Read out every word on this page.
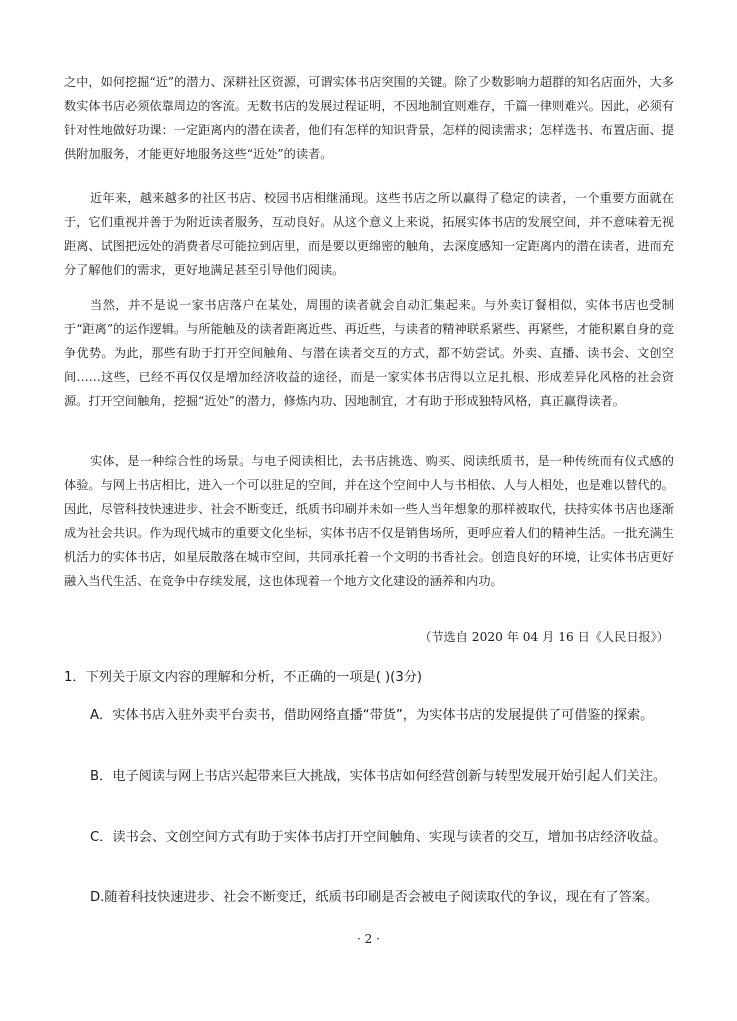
之中，如何挖掘“近”的潜力、深耕社区资源，可谓实体书店突围的关键。除了少数影响力超群的知名店面外，大多数实体书店必须依靠周边的客流。无数书店的发展过程证明，不因地制宜则难存，千篇一律则难兴。因此，必须有针对性地做好功课：一定距离内的潜在读者，他们有怎样的知识背景，怎样的阅读需求；怎样选书、布置店面、提供附加服务，才能更好地服务这些“近处”的读者。

近年来，越来越多的社区书店、校园书店相继涌现。这些书店之所以赢得了稳定的读者，一个重要方面就在于，它们重视并善于为附近读者服务，互动良好。从这个意义上来说，拓展实体书店的发展空间，并不意味着无视距离、试图把远处的消费者尽可能拉到店里，而是要以更绵密的触角，去深度感知一定距离内的潜在读者，进而充分了解他们的需求，更好地满足甚至引导他们阅读。

当然，并不是说一家书店落户在某处，周围的读者就会自动汇集起来。与外卖订餐相似，实体书店也受制于“距离”的运作逻辑。与所能触及的读者距离近些、再近些，与读者的精神联系紧些、再紧些，才能积累自身的竞争优势。为此，那些有助于打开空间触角、与潜在读者交互的方式，都不妨尝试。外卖、直播、读书会、文创空间……这些，已经不再仅仅是增加经济收益的途径，而是一家实体书店得以立足扎根、形成差异化风格的社会资源。打开空间触角，挖掘“近处”的潜力，修炼内功、因地制宜，才有助于形成独特风格，真正赢得读者。

实体，是一种综合性的场景。与电子阅读相比，去书店挑选、购买、阅读纸质书，是一种传统而有仪式感的体验。与网上书店相比，进入一个可以驻足的空间，并在这个空间中人与书相依、人与人相处，也是难以替代的。因此，尽管科技快速进步、社会不断变迁，纸质书印刷并未如一些人当年想象的那样被取代，扶持实体书店也逐渐成为社会共识。作为现代城市的重要文化坐标，实体书店不仅是销售场所，更呼应着人们的精神生活。一批充满生机活力的实体书店，如星辰散落在城市空间，共同承托着一个文明的书香社会。创造良好的环境，让实体书店更好融入当代生活、在竞争中存续发展，这也体现着一个地方文化建设的涵养和内功。

（节选自 2020 年 04 月 16 日《人民日报》）

1．下列关于原文内容的理解和分析，不正确的一项是( )(3分)

A．实体书店入驻外卖平台卖书，借助网络直播“带货”，为实体书店的发展提供了可借鉴的探索。

B．电子阅读与网上书店兴起带来巨大挑战，实体书店如何经营创新与转型发展开始引起人们关注。

C．读书会、文创空间方式有助于实体书店打开空间触角、实现与读者的交互，增加书店经济收益。

D.随着科技快速进步、社会不断变迁，纸质书印刷是否会被电子阅读取代的争议，现在有了答案。

· 2 ·
